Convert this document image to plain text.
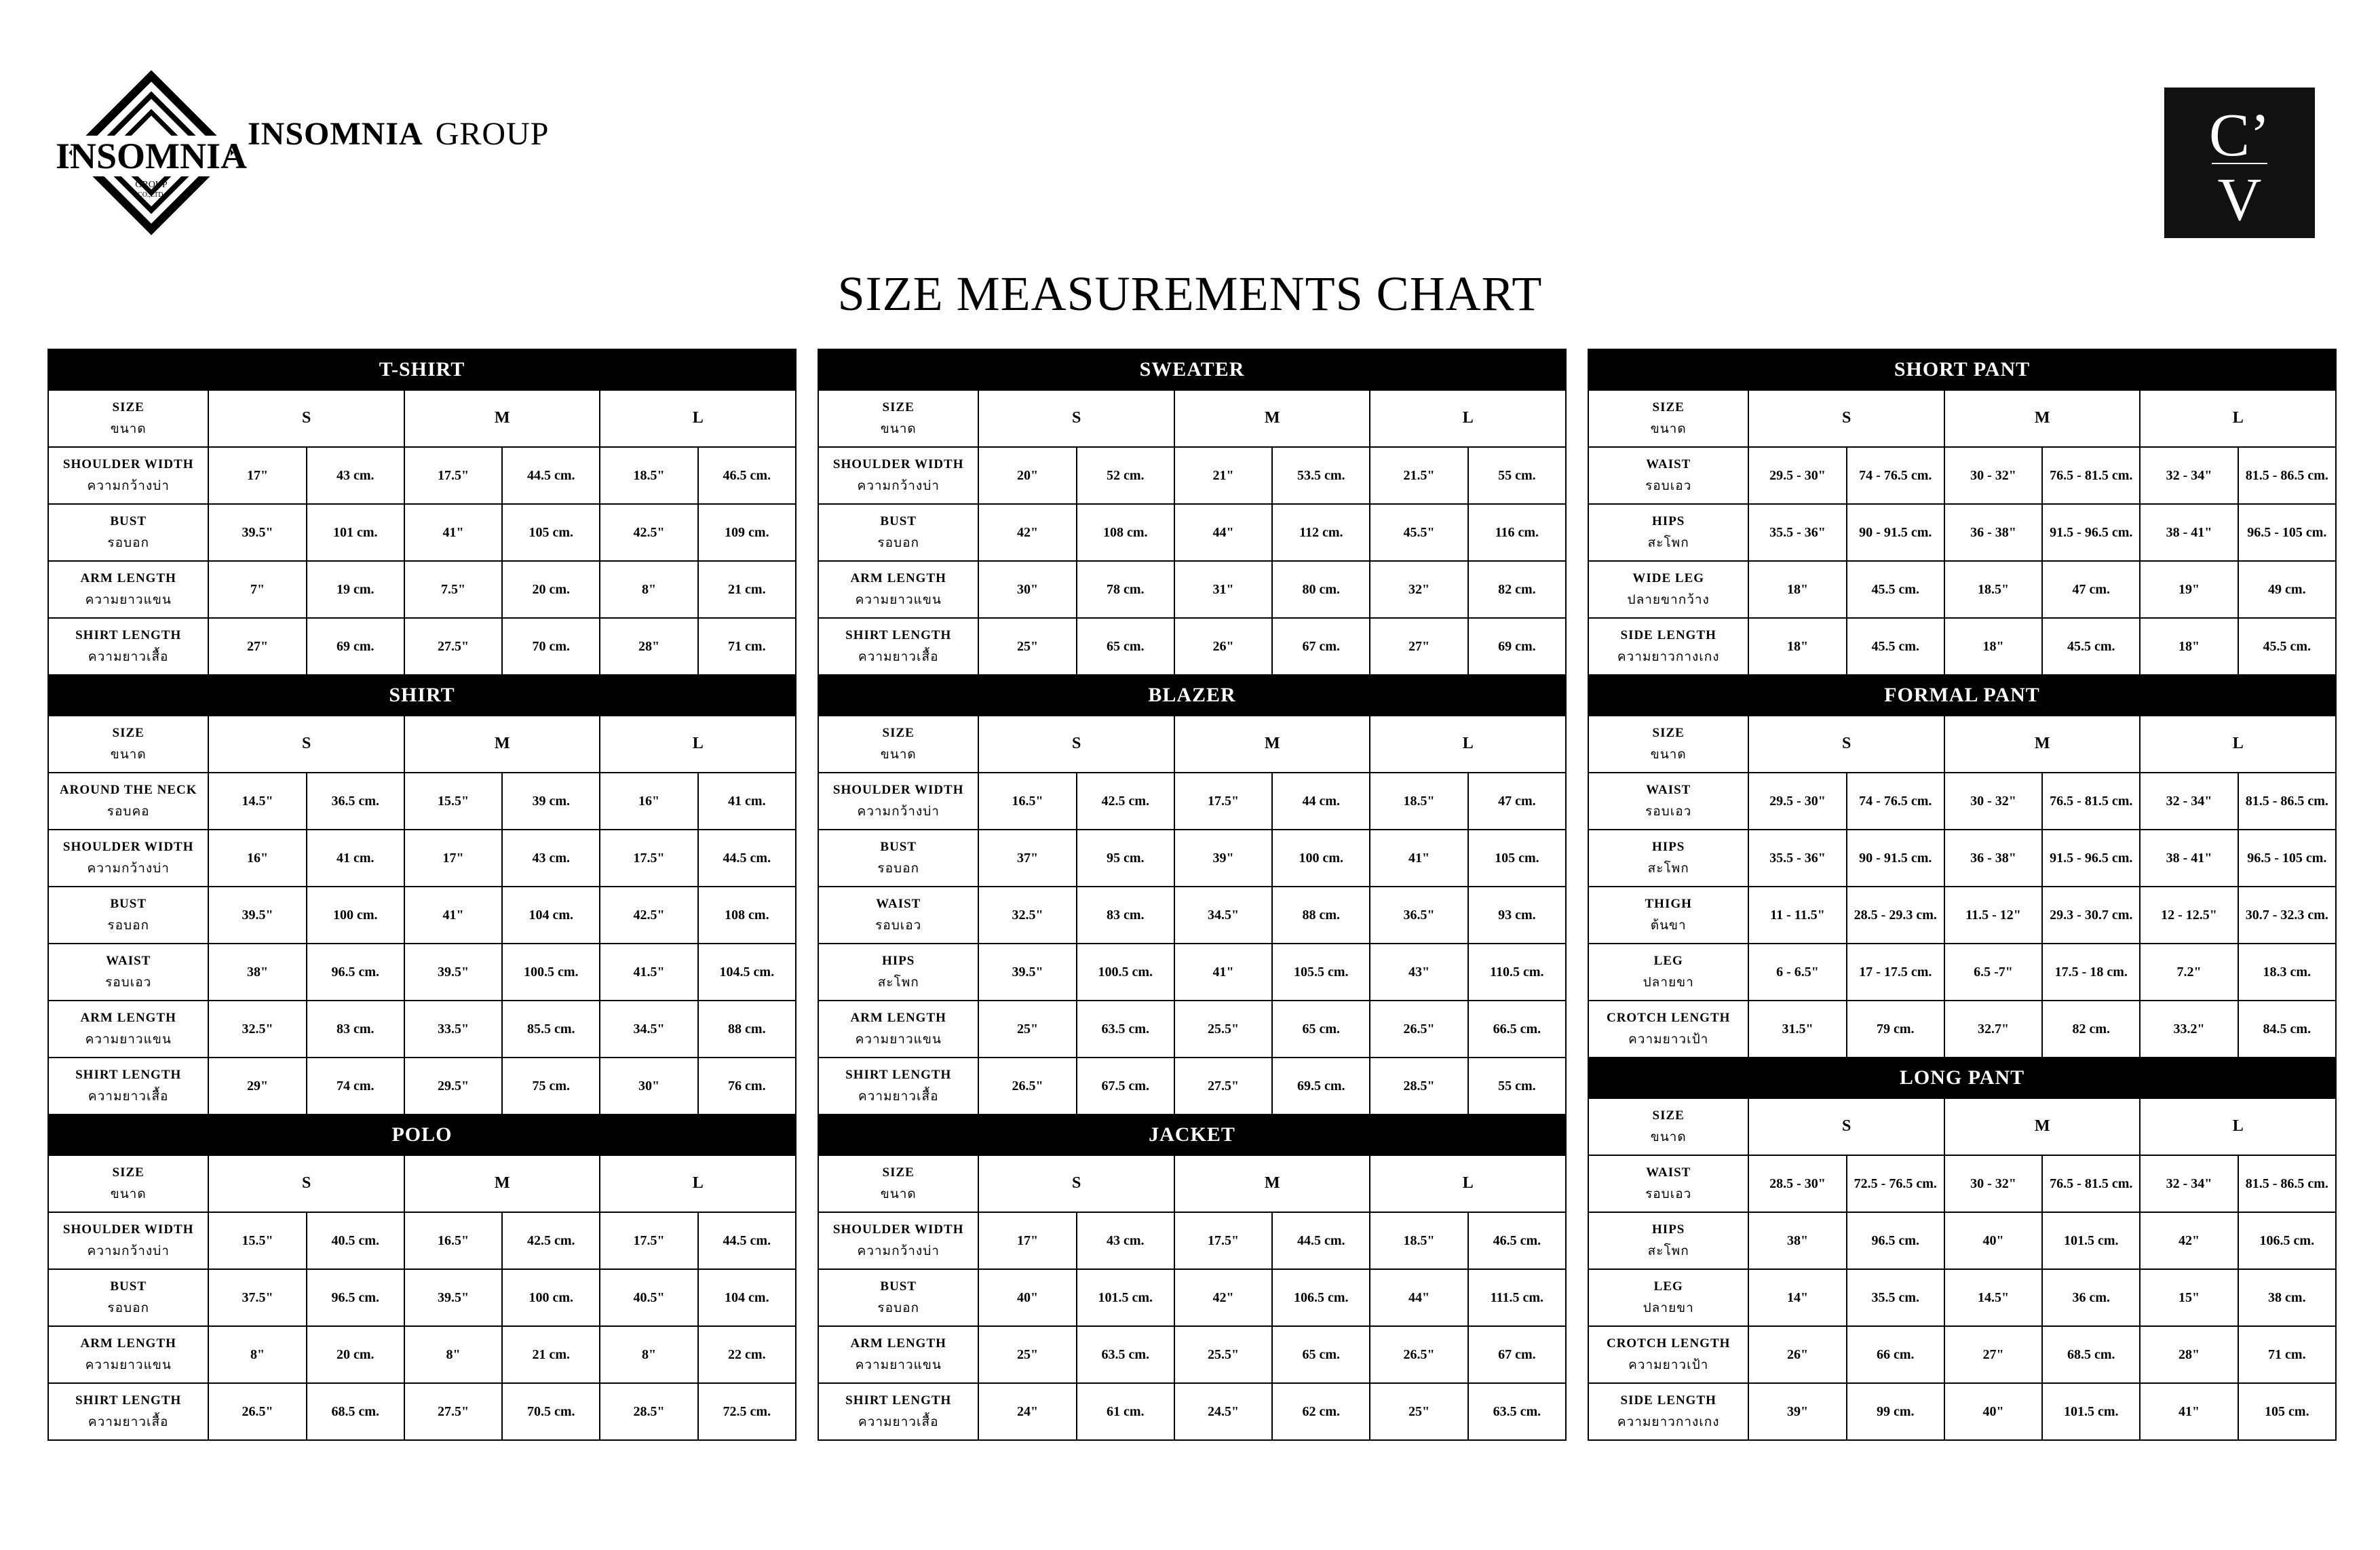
INSOMNIA
GROUP
CO.,LTD.
INSOMNIA GROUP	C’
V
SIZE MEASUREMENTS CHART
T-SHIRT						
SIZE
ขนาด	S		M		L	
SHOULDER WIDTH
ความกว้างบ่า	17"	43 cm.	17.5"	44.5 cm.	18.5"	46.5 cm.
BUST
รอบอก	39.5"	101 cm.	41"	105 cm.	42.5"	109 cm.
ARM LENGTH
ความยาวแขน	7"	19 cm.	7.5"	20 cm.	8"	21 cm.
SHIRT LENGTH
ความยาวเสื้อ	27"	69 cm.	27.5"	70 cm.	28"	71 cm.
SHIRT						
SIZE
ขนาด	S		M		L	
AROUND THE NECK
รอบคอ	14.5"	36.5 cm.	15.5"	39 cm.	16"	41 cm.
SHOULDER WIDTH
ความกว้างบ่า	16"	41 cm.	17"	43 cm.	17.5"	44.5 cm.
BUST
รอบอก	39.5"	100 cm.	41"	104 cm.	42.5"	108 cm.
WAIST
รอบเอว	38"	96.5 cm.	39.5"	100.5 cm.	41.5"	104.5 cm.
ARM LENGTH
ความยาวแขน	32.5"	83 cm.	33.5"	85.5 cm.	34.5"	88 cm.
SHIRT LENGTH
ความยาวเสื้อ	29"	74 cm.	29.5"	75 cm.	30"	76 cm.
POLO						
SIZE
ขนาด	S		M		L	
SHOULDER WIDTH
ความกว้างบ่า	15.5"	40.5 cm.	16.5"	42.5 cm.	17.5"	44.5 cm.
BUST
รอบอก	37.5"	96.5 cm.	39.5"	100 cm.	40.5"	104 cm.
ARM LENGTH
ความยาวแขน	8"	20 cm.	8"	21 cm.	8"	22 cm.
SHIRT LENGTH
ความยาวเสื้อ	26.5"	68.5 cm.	27.5"	70.5 cm.	28.5"	72.5 cm.
SWEATER						
SIZE
ขนาด	S		M		L	
SHOULDER WIDTH
ความกว้างบ่า	20"	52 cm.	21"	53.5 cm.	21.5"	55 cm.
BUST
รอบอก	42"	108 cm.	44"	112 cm.	45.5"	116 cm.
ARM LENGTH
ความยาวแขน	30"	78 cm.	31"	80 cm.	32"	82 cm.
SHIRT LENGTH
ความยาวเสื้อ	25"	65 cm.	26"	67 cm.	27"	69 cm.
BLAZER						
SIZE
ขนาด	S		M		L	
SHOULDER WIDTH
ความกว้างบ่า	16.5"	42.5 cm.	17.5"	44 cm.	18.5"	47 cm.
BUST
รอบอก	37"	95 cm.	39"	100 cm.	41"	105 cm.
WAIST
รอบเอว	32.5"	83 cm.	34.5"	88 cm.	36.5"	93 cm.
HIPS
สะโพก	39.5"	100.5 cm.	41"	105.5 cm.	43"	110.5 cm.
ARM LENGTH
ความยาวแขน	25"	63.5 cm.	25.5"	65 cm.	26.5"	66.5 cm.
SHIRT LENGTH
ความยาวเสื้อ	26.5"	67.5 cm.	27.5"	69.5 cm.	28.5"	55 cm.
JACKET						
SIZE
ขนาด	S		M		L	
SHOULDER WIDTH
ความกว้างบ่า	17"	43 cm.	17.5"	44.5 cm.	18.5"	46.5 cm.
BUST
รอบอก	40"	101.5 cm.	42"	106.5 cm.	44"	111.5 cm.
ARM LENGTH
ความยาวแขน	25"	63.5 cm.	25.5"	65 cm.	26.5"	67 cm.
SHIRT LENGTH
ความยาวเสื้อ	24"	61 cm.	24.5"	62 cm.	25"	63.5 cm.
SHORT PANT						
SIZE
ขนาด	S		M		L	
WAIST
รอบเอว	29.5 - 30"	74 - 76.5 cm.	30 - 32"	76.5 - 81.5 cm.	32 - 34"	81.5 - 86.5 cm.
HIPS
สะโพก	35.5 - 36"	90 - 91.5 cm.	36 - 38"	91.5 - 96.5 cm.	38 - 41"	96.5 - 105 cm.
WIDE LEG
ปลายขากว้าง	18"	45.5 cm.	18.5"	47 cm.	19"	49 cm.
SIDE LENGTH
ความยาวกางเกง	18"	45.5 cm.	18"	45.5 cm.	18"	45.5 cm.
FORMAL PANT						
SIZE
ขนาด	S		M		L	
WAIST
รอบเอว	29.5 - 30"	74 - 76.5 cm.	30 - 32"	76.5 - 81.5 cm.	32 - 34"	81.5 - 86.5 cm.
HIPS
สะโพก	35.5 - 36"	90 - 91.5 cm.	36 - 38"	91.5 - 96.5 cm.	38 - 41"	96.5 - 105 cm.
THIGH
ต้นขา	11 - 11.5"	28.5 - 29.3 cm.	11.5 - 12"	29.3 - 30.7 cm.	12 - 12.5"	30.7 - 32.3 cm.
LEG
ปลายขา	6 - 6.5"	17 - 17.5 cm.	6.5 -7"	17.5 - 18 cm.	7.2"	18.3 cm.
CROTCH LENGTH
ความยาวเป้า	31.5"	79 cm.	32.7"	82 cm.	33.2"	84.5 cm.
LONG PANT						
SIZE
ขนาด	S		M		L	
WAIST
รอบเอว	28.5 - 30"	72.5 - 76.5 cm.	30 - 32"	76.5 - 81.5 cm.	32 - 34"	81.5 - 86.5 cm.
HIPS
สะโพก	38"	96.5 cm.	40"	101.5 cm.	42"	106.5 cm.
LEG
ปลายขา	14"	35.5 cm.	14.5"	36 cm.	15"	38 cm.
CROTCH LENGTH
ความยาวเป้า	26"	66 cm.	27"	68.5 cm.	28"	71 cm.
SIDE LENGTH
ความยาวกางเกง	39"	99 cm.	40"	101.5 cm.	41"	105 cm.
